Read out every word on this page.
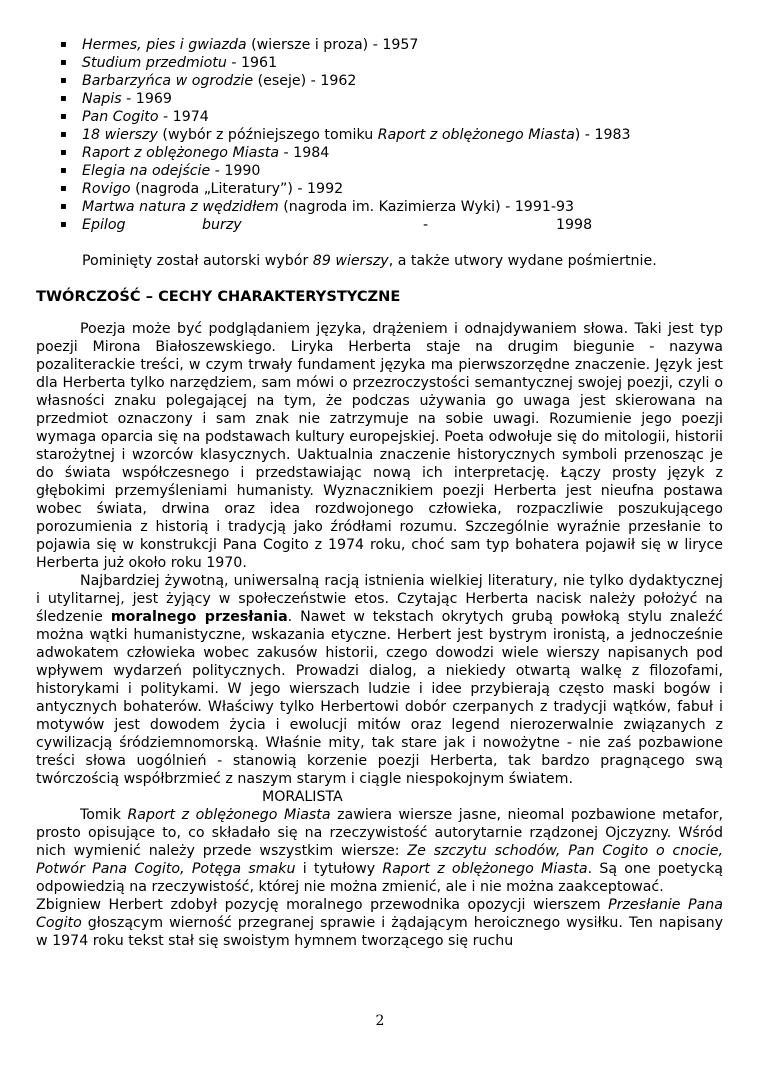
▪ Hermes, pies i gwiazda (wiersze i proza) - 1957
▪ Studium przedmiotu - 1961
▪ Barbarzyńca w ogrodzie (eseje) - 1962
▪ Napis - 1969
▪ Pan Cogito - 1974
▪ 18 wierszy (wybór z późniejszego tomiku Raport z oblężonego Miasta) - 1983
▪ Raport z oblężonego Miasta - 1984
▪ Elegia na odejście - 1990
▪ Rovigo (nagroda „Literatury”) - 1992
▪ Martwa natura z wędzidłem (nagroda im. Kazimierza Wyki) - 1991-93
▪ Epilog	burzy	-	1998
Pominięty został autorski wybór 89 wierszy, a także utwory wydane pośmiertnie.
TWÓRCZOŚĆ – CECHY CHARAKTERYSTYCZNE

Poezja może być podglądaniem języka, drążeniem i odnajdywaniem słowa. Taki jest typ poezji Mirona Białoszewskiego. Liryka Herberta staje na drugim biegunie - nazywa pozaliterackie treści, w czym trwały fundament języka ma pierwszorzędne znaczenie. Język jest dla Herberta tylko narzędziem, sam mówi o przezroczystości semantycznej swojej poezji, czyli o własności znaku polegającej na tym, że podczas używania go uwaga jest skierowana na przedmiot oznaczony i sam znak nie zatrzymuje na sobie uwagi. Rozumienie jego poezji wymaga oparcia się na podstawach kultury europejskiej. Poeta odwołuje się do mitologii, historii starożytnej i wzorców klasycznych. Uaktualnia znaczenie historycznych symboli przenosząc je do świata współczesnego i przedstawiając nową ich interpretację. Łączy prosty język z głębokimi przemyśleniami humanisty. Wyznacznikiem poezji Herberta jest nieufna postawa wobec świata, drwina oraz idea rozdwojonego człowieka, rozpaczliwie poszukującego porozumienia z historią i tradycją jako źródłami rozumu. Szczególnie wyraźnie przesłanie to pojawia się w konstrukcji Pana Cogito z 1974 roku, choć sam typ bohatera pojawił się w liryce Herberta już około roku 1970.

Najbardziej żywotną, uniwersalną racją istnienia wielkiej literatury, nie tylko dydaktycznej i utylitarnej, jest żyjący w społeczeństwie etos. Czytając Herberta nacisk należy położyć na śledzenie moralnego przesłania. Nawet w tekstach okrytych grubą powłoką stylu znaleźć można wątki humanistyczne, wskazania etyczne. Herbert jest bystrym ironistą, a jednocześnie adwokatem człowieka wobec zakusów historii, czego dowodzi wiele wierszy napisanych pod wpływem wydarzeń politycznych. Prowadzi dialog, a niekiedy otwartą walkę z filozofami, historykami i politykami. W jego wierszach ludzie i idee przybierają często maski bogów i antycznych bohaterów. Właściwy tylko Herbertowi dobór czerpanych z tradycji wątków, fabuł i motywów jest dowodem życia i ewolucji mitów oraz legend nierozerwalnie związanych z cywilizacją śródziemnomorską. Właśnie mity, tak stare jak i nowożytne - nie zaś pozbawione treści słowa uogólnień - stanowią korzenie poezji Herberta, tak bardzo pragnącego swą twórczością współbrzmieć z naszym starym i ciągle niespokojnym światem.

MORALISTA

Tomik Raport z oblężonego Miasta zawiera wiersze jasne, nieomal pozbawione metafor, prosto opisujące to, co składało się na rzeczywistość autorytarnie rządzonej Ojczyzny. Wśród nich wymienić należy przede wszystkim wiersze: Ze szczytu schodów, Pan Cogito o cnocie, Potwór Pana Cogito, Potęga smaku i tytułowy Raport z oblężonego Miasta. Są one poetycką odpowiedzią na rzeczywistość, której nie można zmienić, ale i nie można zaakceptować.

Zbigniew Herbert zdobył pozycję moralnego przewodnika opozycji wierszem Przesłanie Pana Cogito głoszącym wierność przegranej sprawie i żądającym heroicznego wysiłku. Ten napisany w 1974 roku tekst stał się swoistym hymnem tworzącego się ruchu

2
